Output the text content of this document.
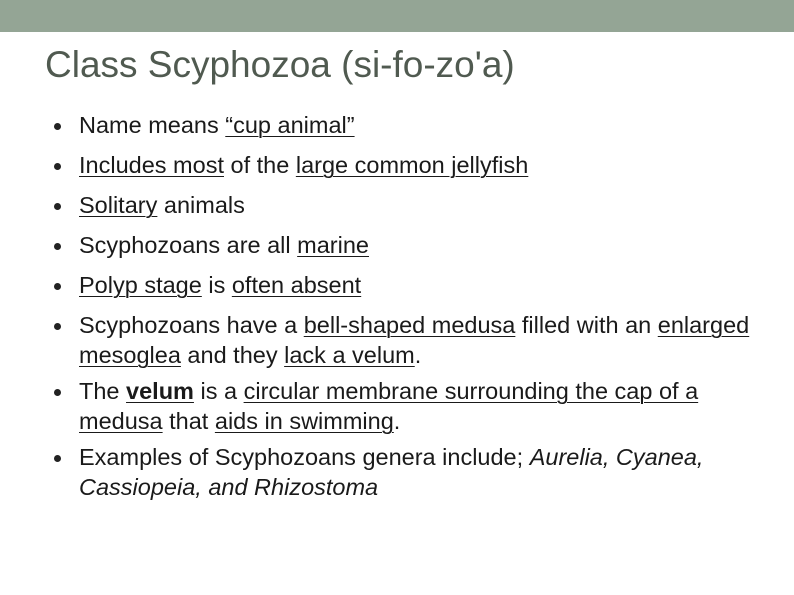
Class Scyphozoa (si-fo-zo'a)
Name means “cup animal”
Includes most of the large common jellyfish
Solitary animals
Scyphozoans are all marine
Polyp stage is often absent
Scyphozoans have a bell-shaped medusa filled with an enlarged mesoglea and they lack a velum.
The velum is a circular membrane surrounding the cap of a medusa that aids in swimming.
Examples of Scyphozoans genera include; Aurelia, Cyanea, Cassiopeia, and Rhizostoma
